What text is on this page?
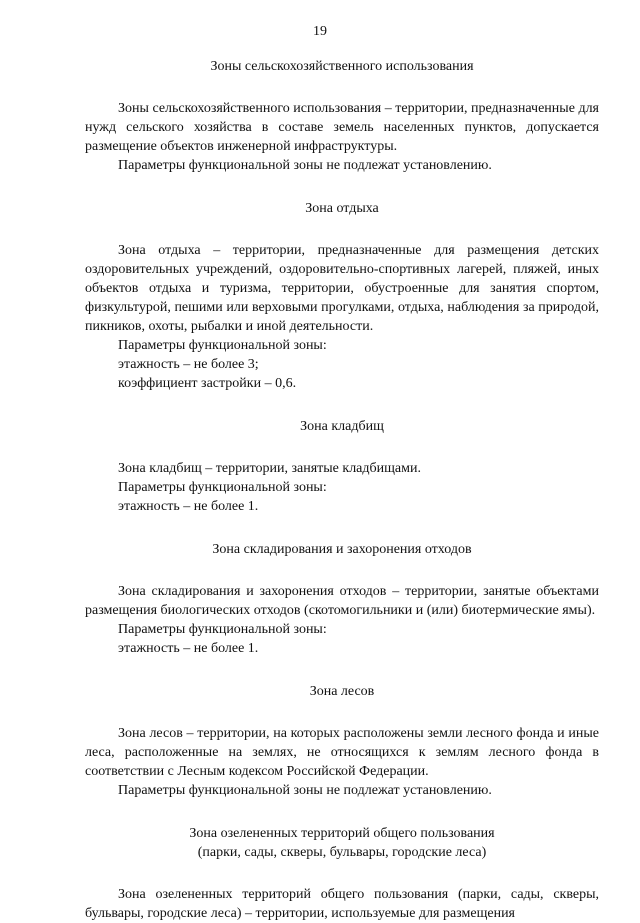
19

Зоны сельскохозяйственного использования

Зоны сельскохозяйственного использования – территории, предназначенные для нужд сельского хозяйства в составе земель населенных пунктов, допускается размещение объектов инженерной инфраструктуры.

Параметры функциональной зоны не подлежат установлению.

Зона отдыха

Зона отдыха – территории, предназначенные для размещения детских оздоровительных учреждений, оздоровительно-спортивных лагерей, пляжей, иных объектов отдыха и туризма, территории, обустроенные для занятия спортом, физкультурой, пешими или верховыми прогулками, отдыха, наблюдения за природой, пикников, охоты, рыбалки и иной деятельности.

Параметры функциональной зоны:

этажность – не более 3;

коэффициент застройки – 0,6.

Зона кладбищ

Зона кладбищ – территории, занятые кладбищами.

Параметры функциональной зоны:

этажность – не более 1.

Зона складирования и захоронения отходов

Зона складирования и захоронения отходов – территории, занятые объектами размещения биологических отходов (скотомогильники и (или) биотермические ямы).

Параметры функциональной зоны:

этажность – не более 1.

Зона лесов

Зона лесов – территории, на которых расположены земли лесного фонда и иные леса, расположенные на землях, не относящихся к землям лесного фонда в соответствии с Лесным кодексом Российской Федерации.

Параметры функциональной зоны не подлежат установлению.

Зона озелененных территорий общего пользования

(парки, сады, скверы, бульвары, городские леса)

Зона озелененных территорий общего пользования (парки, сады, скверы, бульвары, городские леса) – территории, используемые для размещения
